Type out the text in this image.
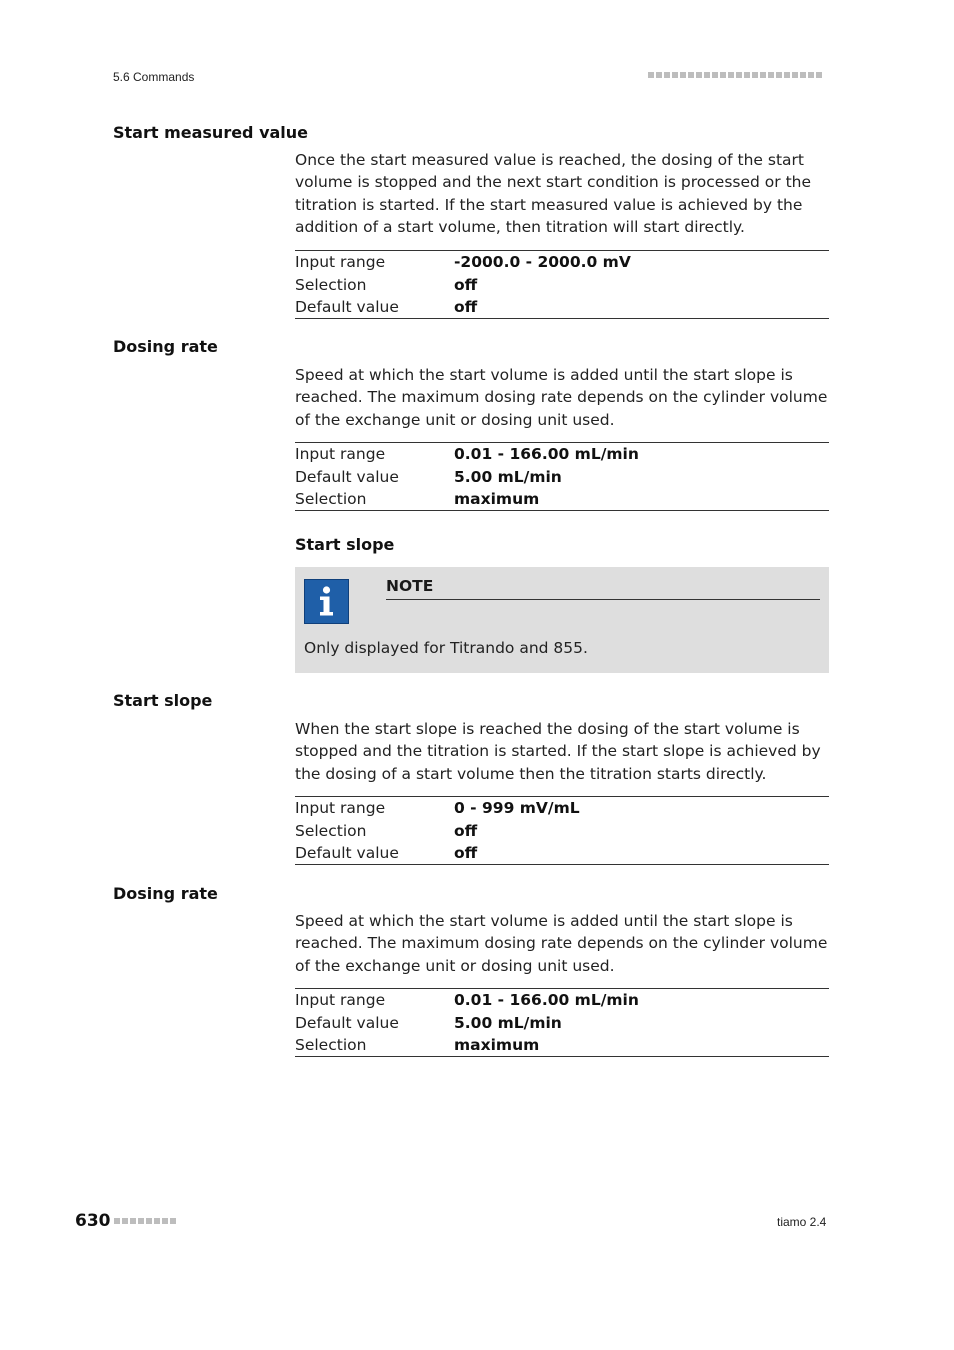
5.6 Commands
Start measured value
Once the start measured value is reached, the dosing of the start volume is stopped and the next start condition is processed or the titration is started. If the start measured value is achieved by the addition of a start volume, then titration will start directly.
Input range	-2000.0 - 2000.0 mV
Selection	off
Default value	off
Dosing rate
Speed at which the start volume is added until the start slope is reached. The maximum dosing rate depends on the cylinder volume of the exchange unit or dosing unit used.
Input range	0.01 - 166.00 mL/min
Default value	5.00 mL/min
Selection	maximum
Start slope
NOTE
Only displayed for Titrando and 855.
Start slope
When the start slope is reached the dosing of the start volume is stopped and the titration is started. If the start slope is achieved by the dosing of a start volume then the titration starts directly.
Input range	0 - 999 mV/mL
Selection	off
Default value	off
Dosing rate
Speed at which the start volume is added until the start slope is reached. The maximum dosing rate depends on the cylinder volume of the exchange unit or dosing unit used.
Input range	0.01 - 166.00 mL/min
Default value	5.00 mL/min
Selection	maximum
630	tiamo 2.4
